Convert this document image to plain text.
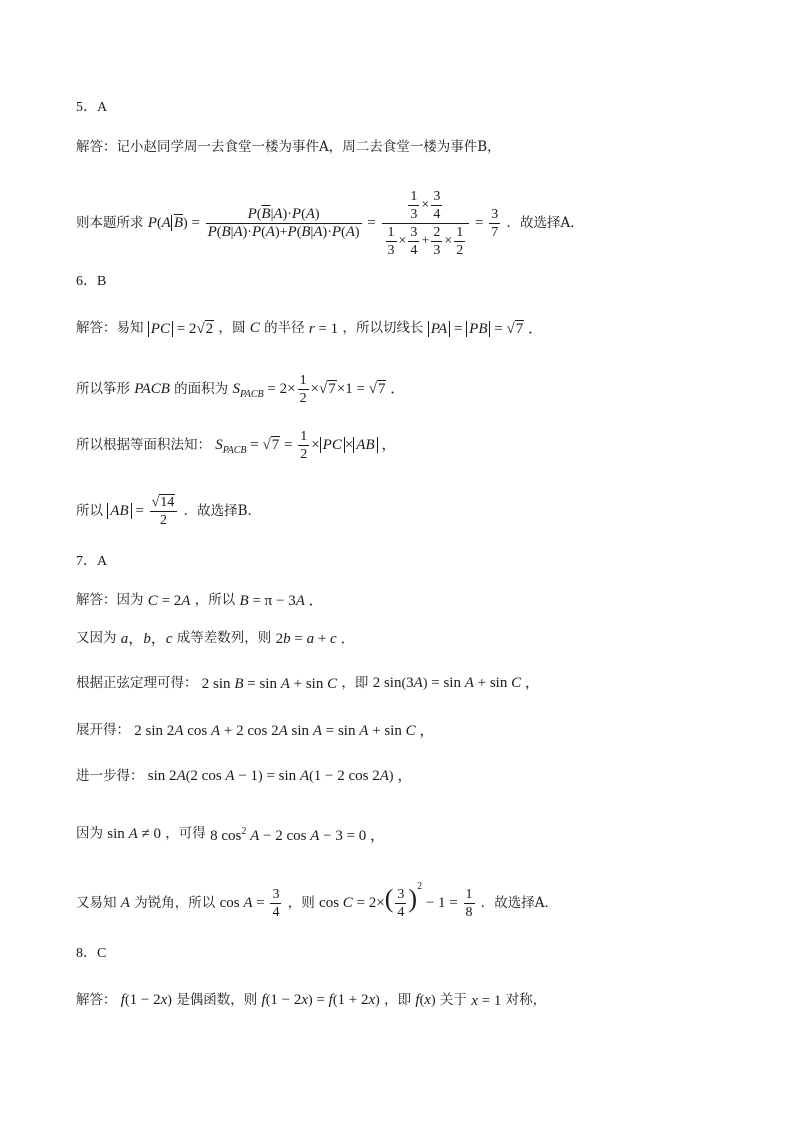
5．A
解答：记小赵同学周一去食堂一楼为事件A，周二去食堂一楼为事件B，
则本题所求 P(A $\overline{B}) = \frac{P(\overline{B}|A)\cdot P(A)}{P(\overline{B}|A)\cdot P(A)+P(\overline{B}|\overline{A})\cdot P(\overline{A})} = \frac{\frac{1}{3} \times \frac{3}{4}}{\frac{1}{3} \times \frac{3}{4} + \frac{2}{3} \times \frac{1}{2}} = \frac{3}{7}$ ．故选择A．
6．B
解答：易知 PC = 2√2 ，圆 C 的半径 r = 1 ，所以切线长 PA = PB = √7 ．
所以筝形 PACB 的面积为 $S_{PACB} = 2\times \frac{1}{2} \times√7\times 1 = √7$ ．
所以根据等面积法知： $S_{PACB} = √7 = \frac{1}{2}$ × PC × AB ，
所以 AB = $\frac{√14}{2}$ ．故选择B．
7．A
解答：因为 C = 2A ，所以 B = π − 3A ．
又因为 a，b，c 成等差数列，则 2b = a + c ．
根据正弦定理可得： 2 sin B = sin A + sin C ，即 2 sin(3A) = sin A + sin C ，
展开得： 2 sin 2A cos A + 2 cos 2A sin A = sin A + sin C ，
进一步得： sin 2A(2 cos A − 1) = sin A(1 − 2 cos 2A) ，
因为 sin A ≠ 0 ，可得 8 $\cos^2 A - 2$ cos A − 3 = 0 ，
又易知 A 为锐角，所以 $\cos A = \frac{3}{4}$ ，则 $\cos C = 2\times( \frac{3}{4} )^2 - 1 = \frac{1}{8}$ ．故选择A．
8．C
解答： f(1 − 2x) 是偶函数，则 f(1 − 2x) = f(1 + 2x) ，即 f(x) 关于 x = 1 对称，
